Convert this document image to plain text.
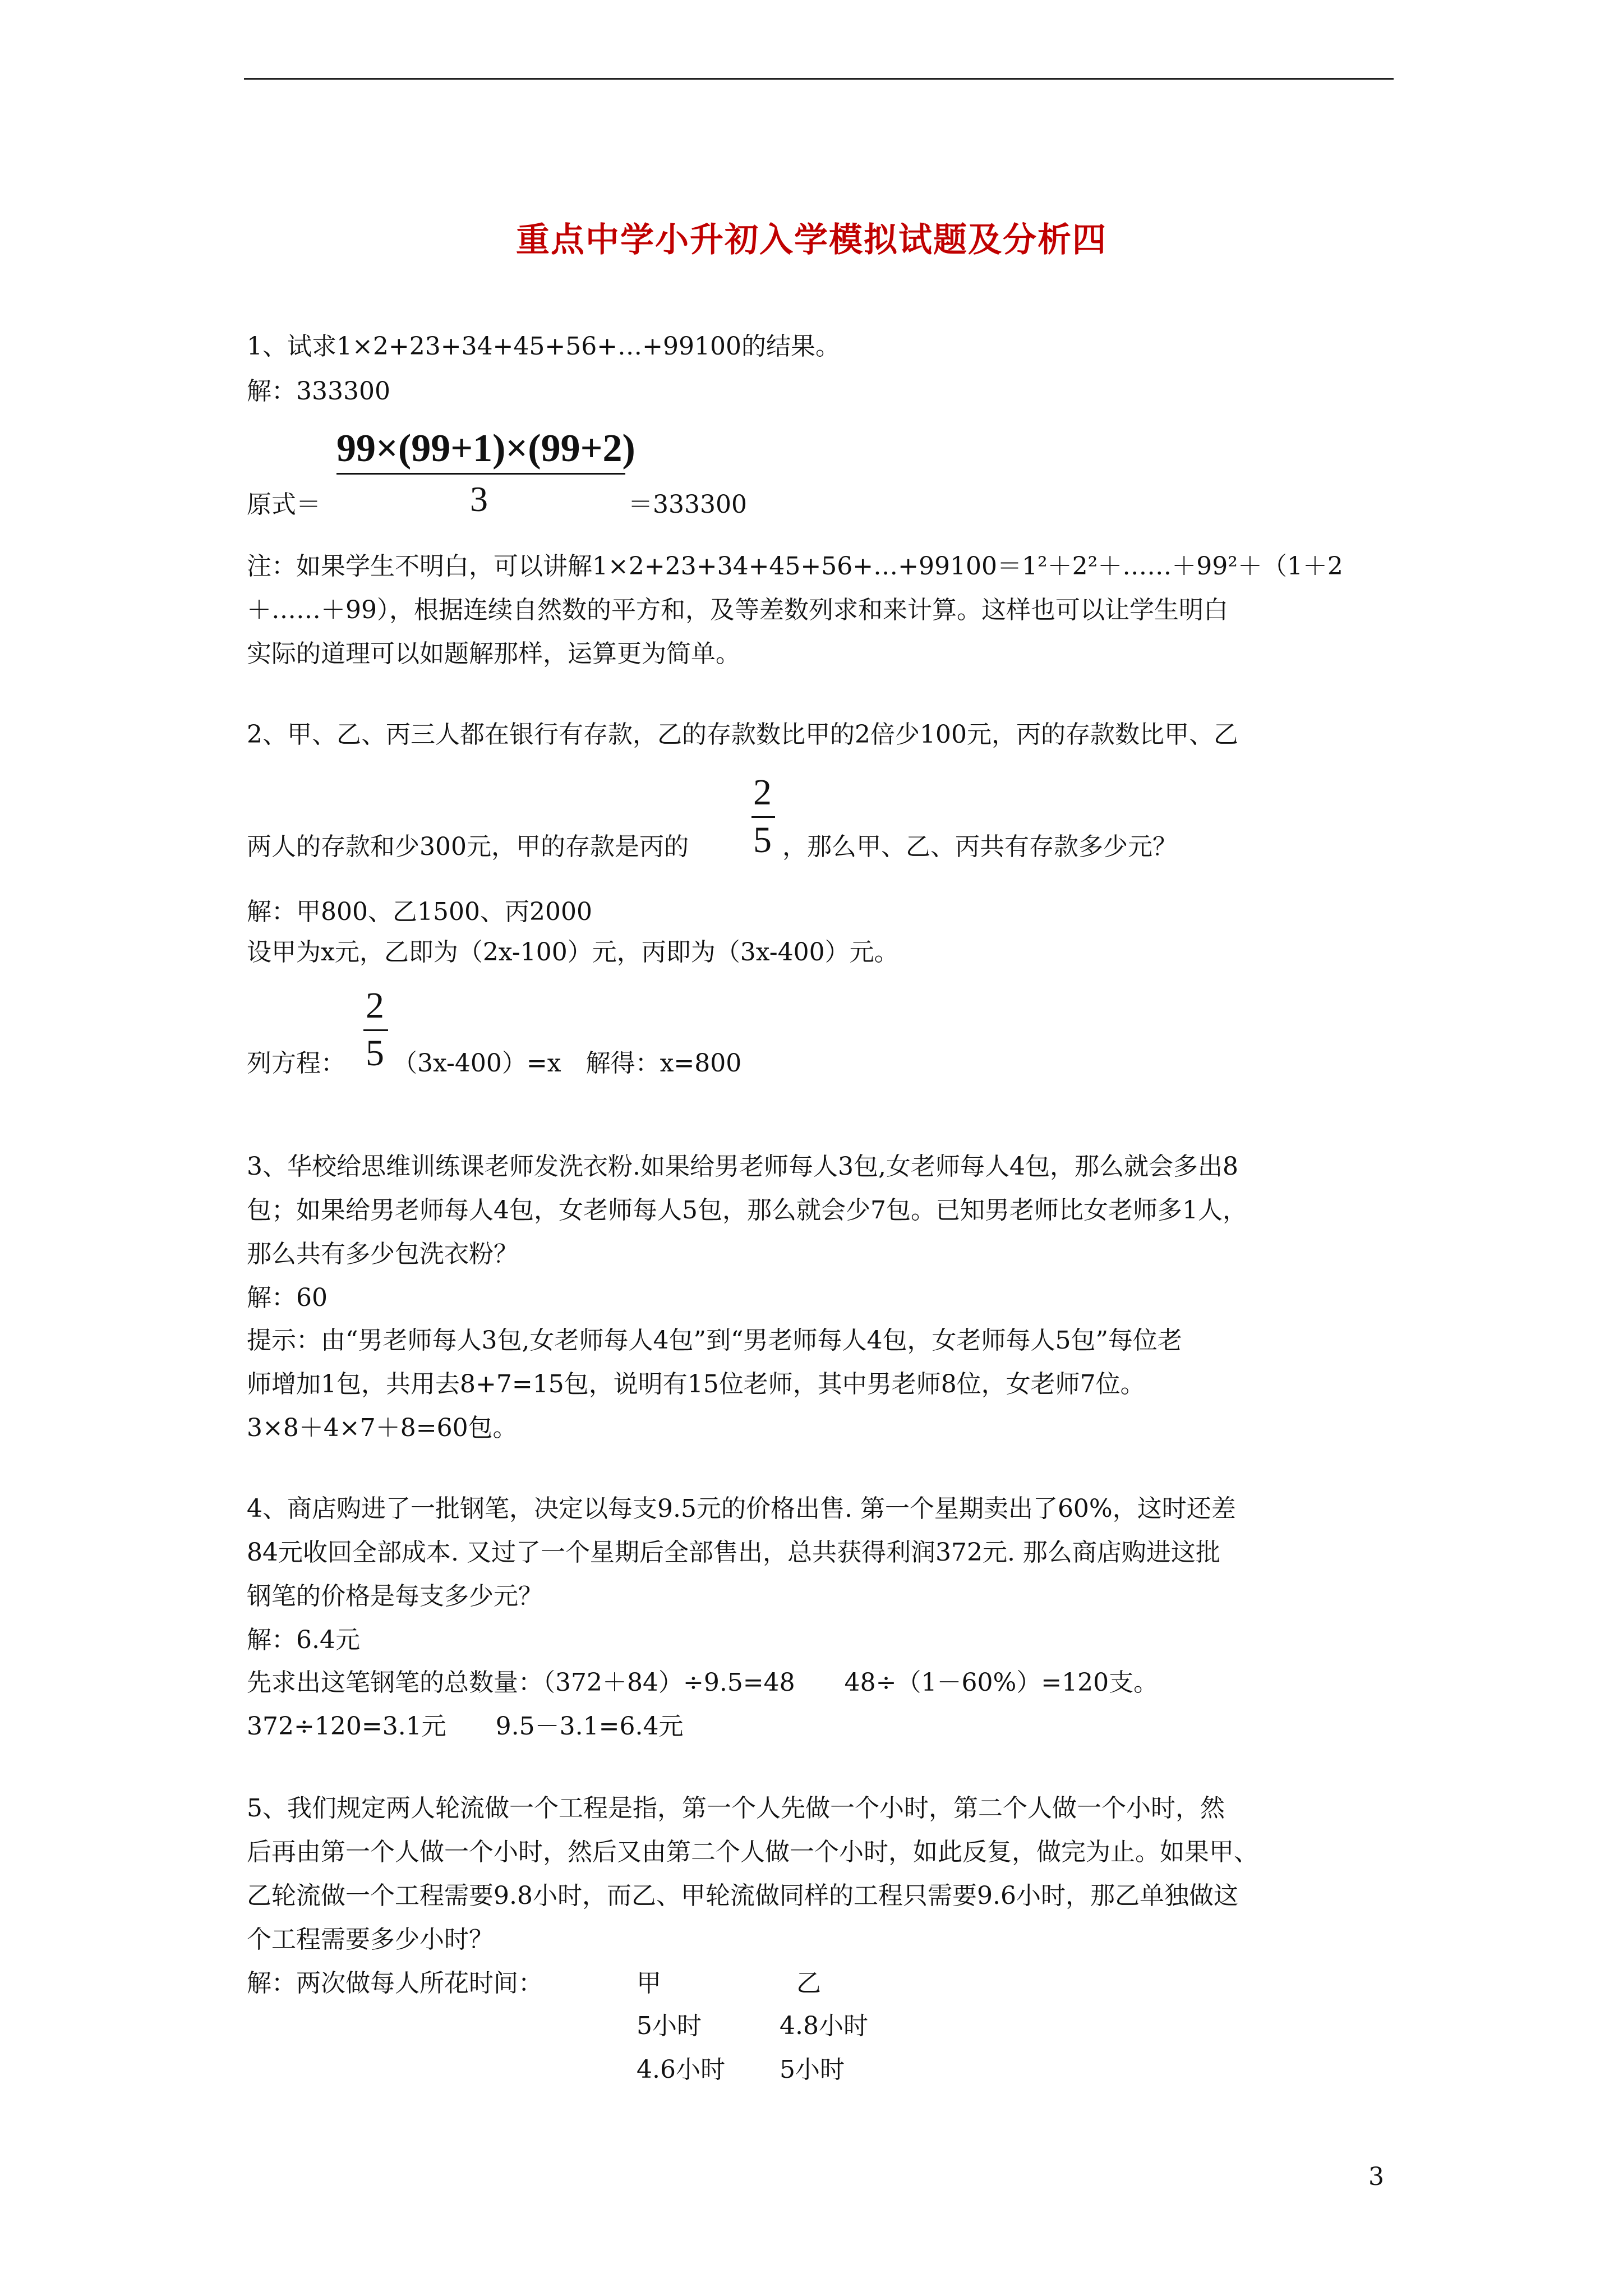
重点中学小升初入学模拟试题及分析四
1、试求1×2+23+34+45+56+…+99100的结果。
解：333300
99×(99+1)×(99+2)
3
原式＝	＝333300
注：如果学生不明白，可以讲解1×2+23+34+45+56+…+99100＝1²＋2²＋……＋99²＋（1＋2
＋……＋99），根据连续自然数的平方和，及等差数列求和来计算。这样也可以让学生明白
实际的道理可以如题解那样，运算更为简单。
2、甲、乙、丙三人都在银行有存款，乙的存款数比甲的2倍少100元，丙的存款数比甲、乙
2
5
两人的存款和少300元，甲的存款是丙的	，那么甲、乙、丙共有存款多少元？
解：甲800、乙1500、丙2000
设甲为x元，乙即为（2x-100）元，丙即为（3x-400）元。
2
5
列方程： （3x-400）=x　解得：x=800
3、华校给思维训练课老师发洗衣粉.如果给男老师每人3包,女老师每人4包，那么就会多出8
包；如果给男老师每人4包，女老师每人5包，那么就会少7包。已知男老师比女老师多1人，
那么共有多少包洗衣粉？
解：60
提示：由“男老师每人3包,女老师每人4包”到“男老师每人4包，女老师每人5包”每位老
师增加1包，共用去8+7=15包，说明有15位老师，其中男老师8位，女老师7位。
3×8＋4×7＋8=60包。
4、商店购进了一批钢笔，决定以每支9.5元的价格出售. 第一个星期卖出了60%，这时还差
84元收回全部成本. 又过了一个星期后全部售出，总共获得利润372元. 那么商店购进这批
钢笔的价格是每支多少元？
解：6.4元
先求出这笔钢笔的总数量：（372＋84）÷9.5=48　　48÷（1－60%）=120支。
372÷120=3.1元　　9.5－3.1=6.4元
5、我们规定两人轮流做一个工程是指，第一个人先做一个小时，第二个人做一个小时，然
后再由第一个人做一个小时，然后又由第二个人做一个小时，如此反复，做完为止。如果甲、
乙轮流做一个工程需要9.8小时，而乙、甲轮流做同样的工程只需要9.6小时，那乙单独做这
个工程需要多少小时？
解：两次做每人所花时间：	甲	乙
5小时	4.8小时
4.6小时 5小时
3
